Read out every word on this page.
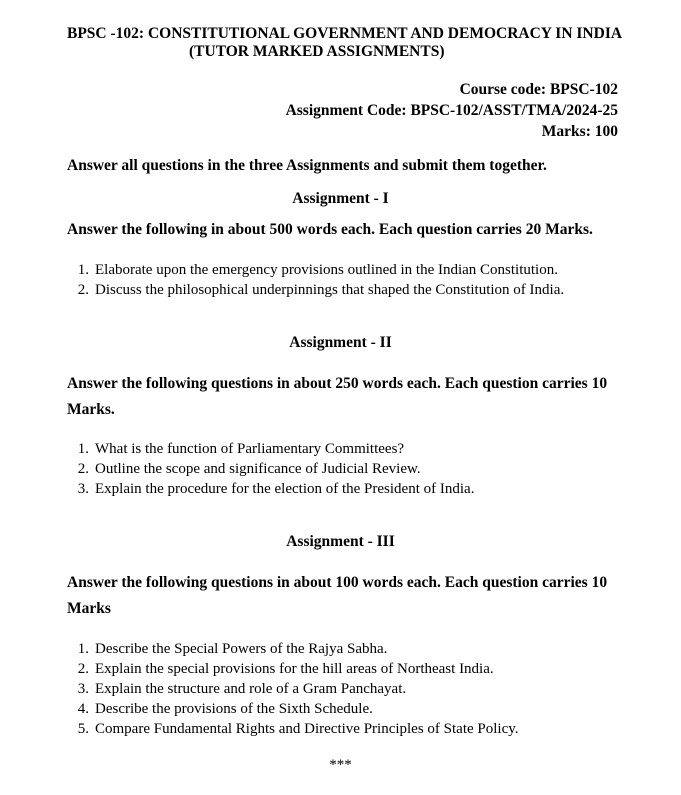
BPSC -102: CONSTITUTIONAL GOVERNMENT AND DEMOCRACY IN INDIA
(TUTOR MARKED ASSIGNMENTS)
Course code: BPSC-102
Assignment Code: BPSC-102/ASST/TMA/2024-25
Marks: 100
Answer all questions in the three Assignments and submit them together.
Assignment - I
Answer the following in about 500 words each. Each question carries 20 Marks.
1. Elaborate upon the emergency provisions outlined in the Indian Constitution.
2. Discuss the philosophical underpinnings that shaped the Constitution of India.
Assignment - II
Answer the following questions in about 250 words each. Each question carries 10
Marks.
1. What is the function of Parliamentary Committees?
2. Outline the scope and significance of Judicial Review.
3. Explain the procedure for the election of the President of India.
Assignment - III
Answer the following questions in about 100 words each. Each question carries 10
Marks
1. Describe the Special Powers of the Rajya Sabha.
2. Explain the special provisions for the hill areas of Northeast India.
3. Explain the structure and role of a Gram Panchayat.
4. Describe the provisions of the Sixth Schedule.
5. Compare Fundamental Rights and Directive Principles of State Policy.
***
